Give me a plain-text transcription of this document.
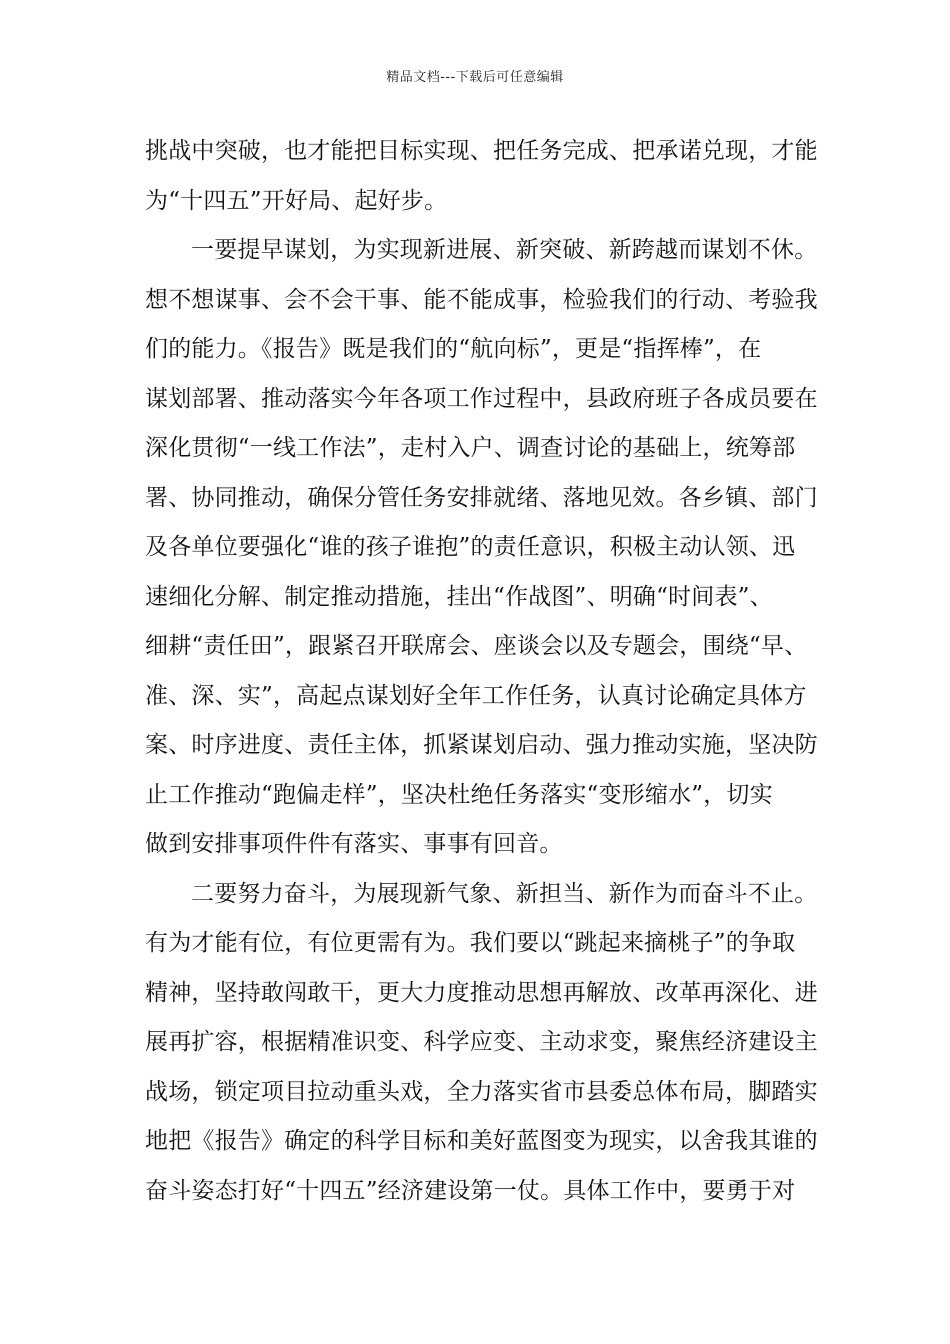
精品文档---下载后可任意编辑
挑战中突破，也才能把目标实现、把任务完成、把承诺兑现，才能
为“十四五”开好局、起好步。
一要提早谋划，为实现新进展、新突破、新跨越而谋划不休。
想不想谋事、会不会干事、能不能成事，检验我们的行动、考验我
们的能力。《报告》既是我们的“航向标”，更是“指挥棒”，在
谋划部署、推动落实今年各项工作过程中，县政府班子各成员要在
深化贯彻“一线工作法”，走村入户、调查讨论的基础上，统筹部
署、协同推动，确保分管任务安排就绪、落地见效。各乡镇、部门
及各单位要强化“谁的孩子谁抱”的责任意识，积极主动认领、迅
速细化分解、制定推动措施，挂出“作战图”、明确“时间表”、
细耕“责任田”，跟紧召开联席会、座谈会以及专题会，围绕“早、
准、深、实”，高起点谋划好全年工作任务，认真讨论确定具体方
案、时序进度、责任主体，抓紧谋划启动、强力推动实施，坚决防
止工作推动“跑偏走样”，坚决杜绝任务落实“变形缩水”，切实
做到安排事项件件有落实、事事有回音。
二要努力奋斗，为展现新气象、新担当、新作为而奋斗不止。
有为才能有位，有位更需有为。我们要以“跳起来摘桃子”的争取
精神，坚持敢闯敢干，更大力度推动思想再解放、改革再深化、进
展再扩容，根据精准识变、科学应变、主动求变，聚焦经济建设主
战场，锁定项目拉动重头戏，全力落实省市县委总体布局，脚踏实
地把《报告》确定的科学目标和美好蓝图变为现实，以舍我其谁的
奋斗姿态打好“十四五”经济建设第一仗。具体工作中，要勇于对
